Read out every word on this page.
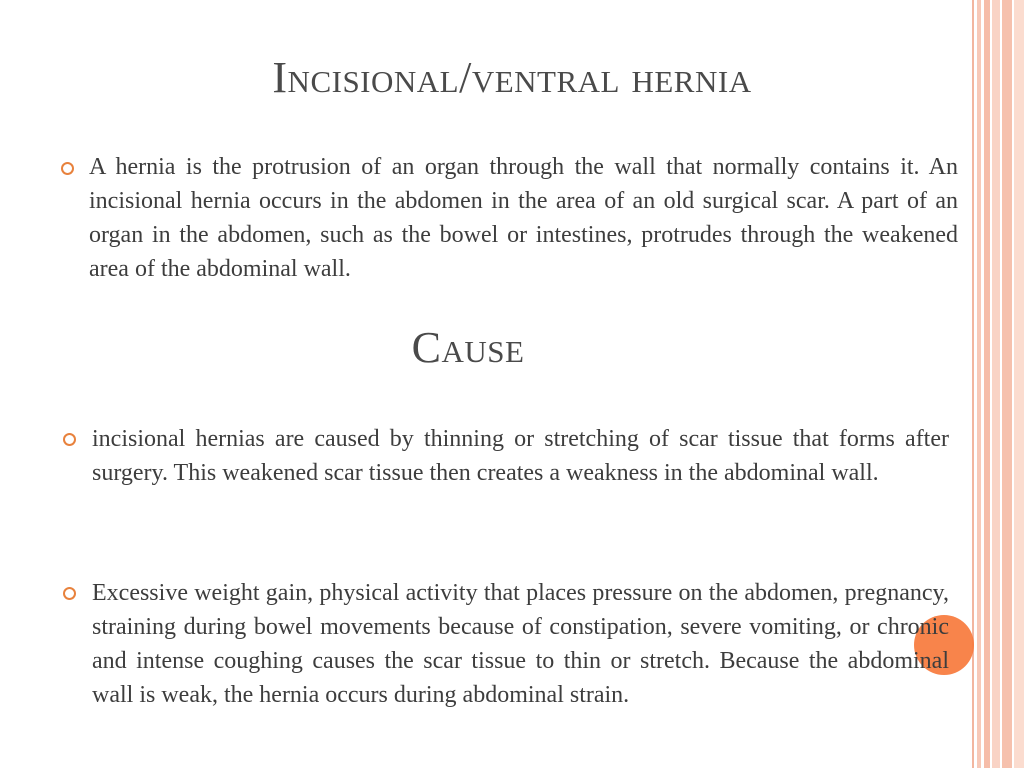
Incisional/ventral hernia
A hernia is the protrusion of an organ through the wall that normally contains it. An incisional hernia occurs in the abdomen in the area of an old surgical scar. A part of an organ in the abdomen, such as the bowel or intestines, protrudes through the weakened area of the abdominal wall.
Cause
incisional hernias are caused by thinning or stretching of scar tissue that forms after surgery. This weakened scar tissue then creates a weakness in the abdominal wall.
Excessive weight gain, physical activity that places pressure on the abdomen, pregnancy, straining during bowel movements because of constipation, severe vomiting, or chronic and intense coughing causes the scar tissue to thin or stretch. Because the abdominal wall is weak, the hernia occurs during abdominal strain.
